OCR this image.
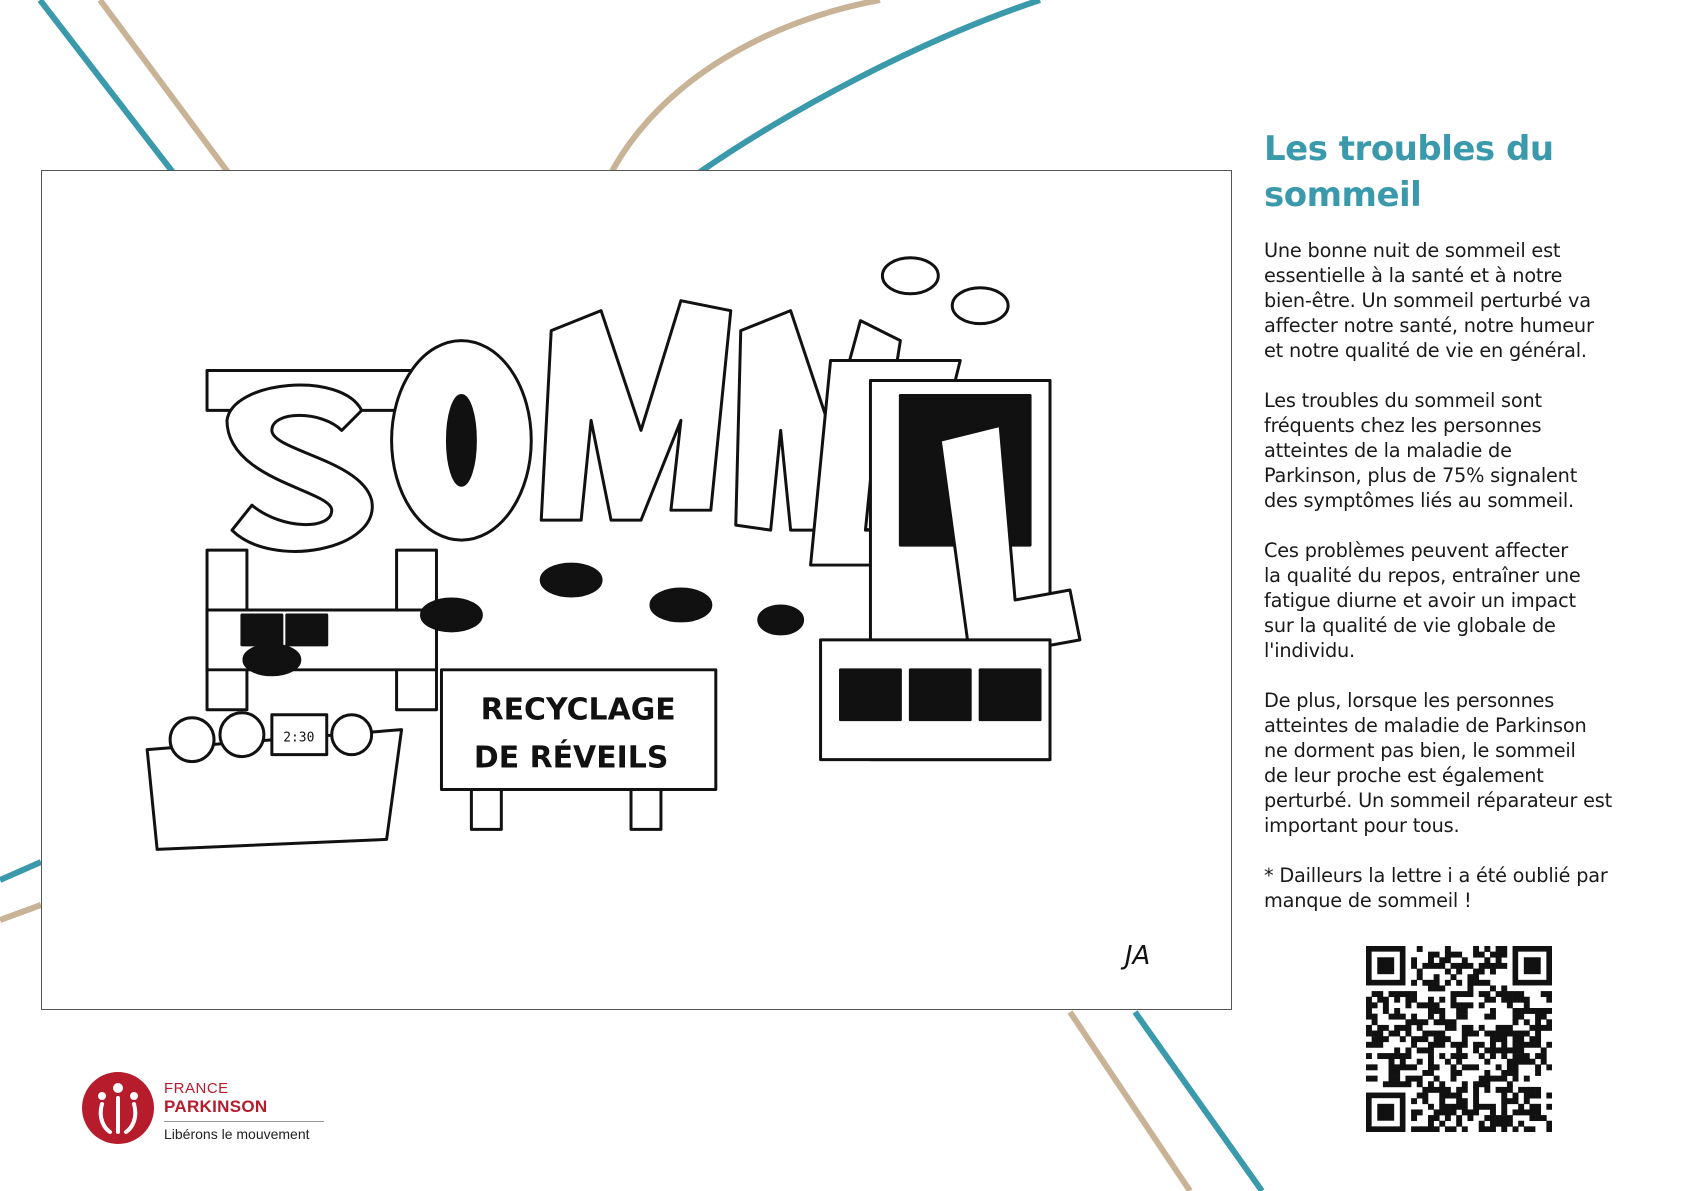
RECYCLAGE
DE RÉVEILS
2:30
JA
Les troubles du
sommeil
Une bonne nuit de sommeil est
essentielle à la santé et à notre
bien-être. Un sommeil perturbé va
affecter notre santé, notre humeur
et notre qualité de vie en général.
Les troubles du sommeil sont
fréquents chez les personnes
atteintes de la maladie de
Parkinson, plus de 75% signalent
des symptômes liés au sommeil.
Ces problèmes peuvent affecter
la qualité du repos, entraîner une
fatigue diurne et avoir un impact
sur la qualité de vie globale de
l'individu.
De plus, lorsque les personnes
atteintes de maladie de Parkinson
ne dorment pas bien, le sommeil
de leur proche est également
perturbé. Un sommeil réparateur est
important pour tous.
* Dailleurs la lettre i a été oublié par
manque de sommeil !
FRANCE
PARKINSON
Libérons le mouvement
